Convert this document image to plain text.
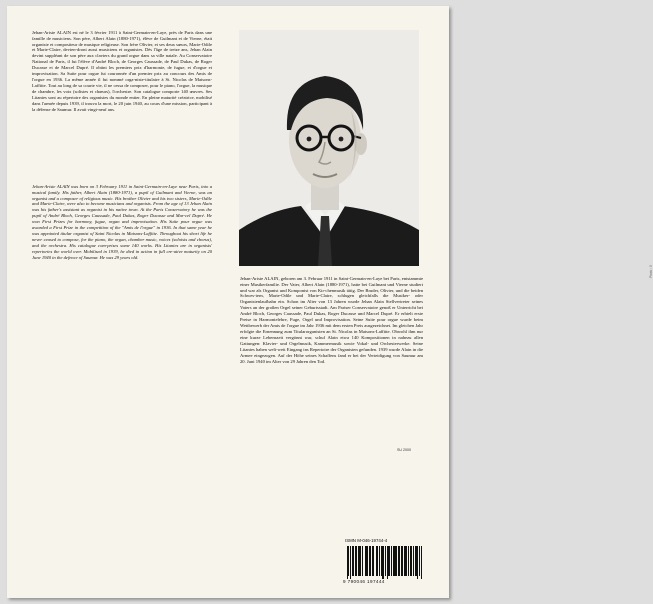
Jehan-Ariste ALAIN est né le 3 février 1911 à Saint-Germain-en-Laye, près de Paris dans une famille de musiciens. Son père, Albert Alain (1880-1971), élève de Guilmant et de Vierne, était organiste et compositeur de musique religieuse. Son frère Olivier, et ses deux sœurs, Marie-Odile et Marie-Claire, devien-dront aussi musiciens et organistes. Dès l'âge de treize ans, Jehan Alain devint suppléant de son père aux claviers du grand orgue dans sa ville natale. Au Conservatoire National de Paris, il fut l'élève d'André Bloch, de Georges Caussade, de Paul Dukas, de Roger Ducasse et de Marcel Dupré. Il obtint les premiers prix d'harmonie, de fugue, et d'orgue et improvisation. Sa Suite pour orgue fut couronnée d'un premier prix au concours des Amis de l'orgue en 1936. La même année il fut nommé orga-niste-titulaire à St. Nicolas de Maisons-Laffitte. Tout au long de sa courte vie, il ne cessa de composer, pour le piano, l'orgue, la musique de chambre, les voix (solistes et chœurs), l'orchestre. Son catalogue comporte 140 œuvres. Ses Litanies sont au répertoire des organistes du monde entier. En pleine maturité créatrice, mobilisé dans l'armée depuis 1939, il trouva la mort, le 20 juin 1940, au cours d'une mission, participant à la défense de Saumur. Il avait vingt-neuf ans.

Jehan-Ariste ALAIN was born on 3 February 1911 in Saint-Germain-en-Laye near Paris, into a musical family. His father, Albert Alain (1880-1971), a pupil of Guilmant and Vierne, was an organist and a composer of religious music. His brother Olivier and his two sisters, Marie-Odile and Marie-Claire, were also to become musicians and organists. From the age of 13 Jehan Alain was his father's assistant as organist in his native town. At the Paris Conservatory he was the pupil of André Bloch, Georges Caussade, Paul Dukas, Roger Ducasse and Mar-cel Dupré. He won First Prizes for harmony, fugue, organ and improvisation. His Suite pour orgue was awarded a First Prize in the competition of the "Amis de l'orgue" in 1936. In that same year he was appointed titular organist of Saint Nicolas in Maisons-Laffitte. Throughout his short life he never ceased to compose, for the piano, the organ, chamber music, voices (soloists and chorus), and the orchestra. His catalogue com-prises some 140 works. His Litanies are in organists' repertories the world over. Mobilised in 1939, he died in action in full cre-ative maturity on 20 June 1940 in the defence of Saumur. He was 29 years old.

Photo : X

Jehan-Ariste ALAIN, geboren am 3. Februar 1911 in Saint-Germain-en-Laye bei Paris, entstammte einer Musikerfamilie. Der Vater, Albert Alain (1880-1971), hatte bei Guilmant und Vierne studiert und war als Organist und Komponist von Kir-chenmusik tätig. Der Bruder, Olivier, und die beiden Schwes-tern, Marie-Odile und Marie-Claire, schlugen gleichfalls die Musiker- oder Organistenlaufbahn ein. Schon im Alter von 13 Jahren wurde Jehan Alain Stellvertreter seines Vaters an der großen Orgel seiner Geburtsstadt. Am Pariser Conservatoire genoß er Unterricht bei André Bloch, Georges Caussade, Paul Dukas, Roger Ducasse und Marcel Dupré. Er erhielt erste Preise in Harmonielehre, Fuge, Orgel und Improvisation. Seine Suite pour orgue wurde beim Wettbewerb der Amis de l'orgue im Jahr 1936 mit dem ersten Preis ausgezeichnet. Im gleichen Jahr erfolgte die Ernennung zum Titularorganisten an St. Nicolas in Maisons-Laffitte. Obwohl ihm nur eine kurze Lebenszeit vergönnt war, schuf Alain etwa 140 Kompositionen in nahezu allen Gattungen: Klavier- und Orgelmusik, Kammermusik sowie Vokal- und Orchesterwerke. Seine Litanies haben welt-weit Eingang ins Repertoire der Organisten gefunden. 1939 wurde Alain in die Armee eingezogen. Auf der Höhe seines Schaffens fand er bei der Verteidigung von Saumur am 20. Juni 1940 im Alter von 29 Jahren den Tod.

SU 2000
ISMN M-046-19744-4
9 790046 197444
